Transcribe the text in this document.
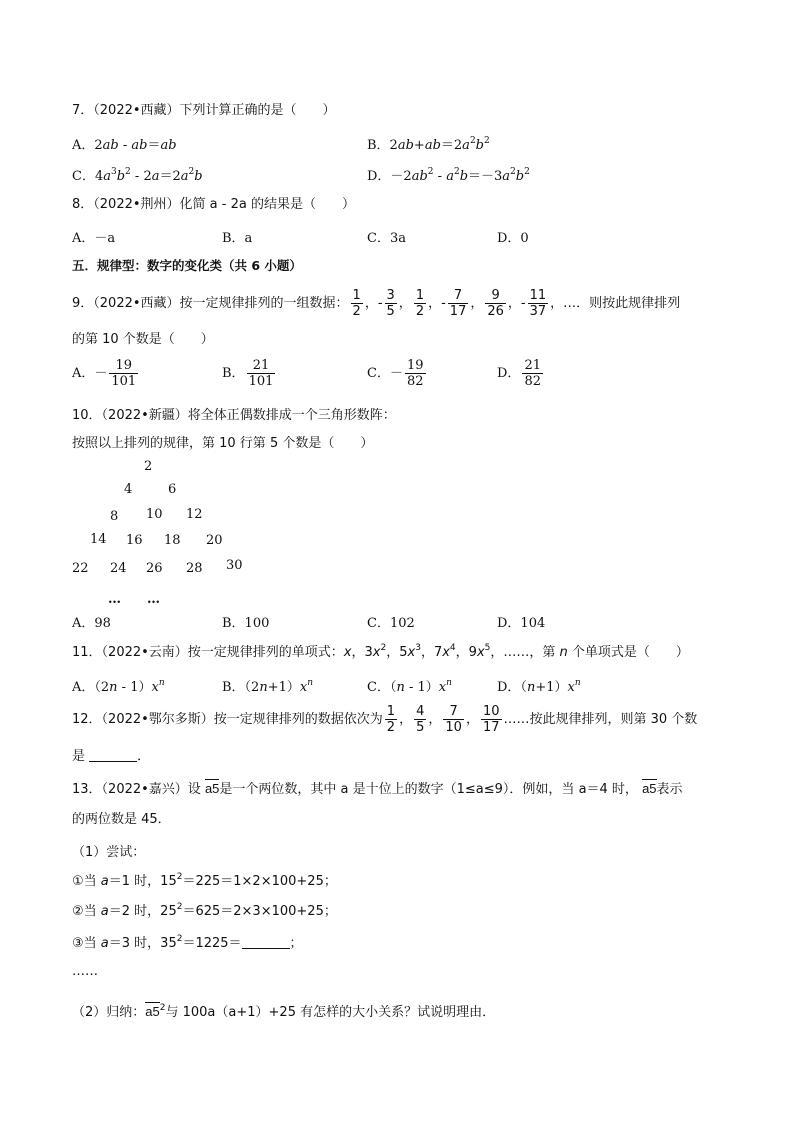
7．（2022•西藏）下列计算正确的是（　　）
A．2ab - ab＝ab	B．$2ab+ab=2a^2b^2$
C．$4a^3b^2 - 2a=2a^2b$	D．$-2ab^2 - a^2b=-3a^2b^2$
8．（2022•荆州）化简 a - 2a 的结果是（　　）
A．－a	B．a	C．3a	D．0
五．规律型：数字的变化类（共 6 小题）
9．（2022•西藏）按一定规律排列的一组数据： $\frac{1}{2}$ ，- $\frac{3}{5}$ ， $\frac{1}{2}$ ，- $\frac{7}{17}$ ， $\frac{9}{26}$ ，- $\frac{11}{37}$ ，…．则按此规律排列
的第 10 个数是（　　）
A．－ $\frac{19}{101}$	B． $\frac{21}{101}$	C．－ $\frac{19}{82}$	D． $\frac{21}{82}$
10．（2022•新疆）将全体正偶数排成一个三角形数阵：
按照以上排列的规律，第 10 行第 5 个数是（　　）
2
4	6
8 10 12
14 16 18 20
22 24 26 28 30
…　　…
A．98	B．100	C．102	D．104
11．（2022•云南）按一定规律排列的单项式：x，$3x^2$，$5x^3$，$7x^4$，$9x^5$，……，第 n 个单项式是（　　）
A．$(2n - 1)x^n$	B．$(2n+1)x^n$	C．$(n - 1)x^n$	D．$(n+1)x^n$
12．（2022•鄂尔多斯）按一定规律排列的数据依次为 $\frac{1}{2}$ ， $\frac{4}{5}$ ， $\frac{7}{10}$ ， $\frac{10}{17}$ ……按此规律排列，则第 30 个数
是	．
13．（2022•嘉兴）设 a5是一个两位数，其中 a 是十位上的数字（1≤a≤9）．例如，当 a＝4 时， a5表示
的两位数是 45．
（1）尝试：
①当 a＝1 时，$15^2=225=1\times 2\times 100+25$；
②当 a＝2 时，$25^2=625=2\times 3\times 100+25$；
③当 a＝3 时，$35^2=1225=$	；
……
（2）归纳：$a5^2$与 100a（a+1）+25 有怎样的大小关系？试说明理由．
